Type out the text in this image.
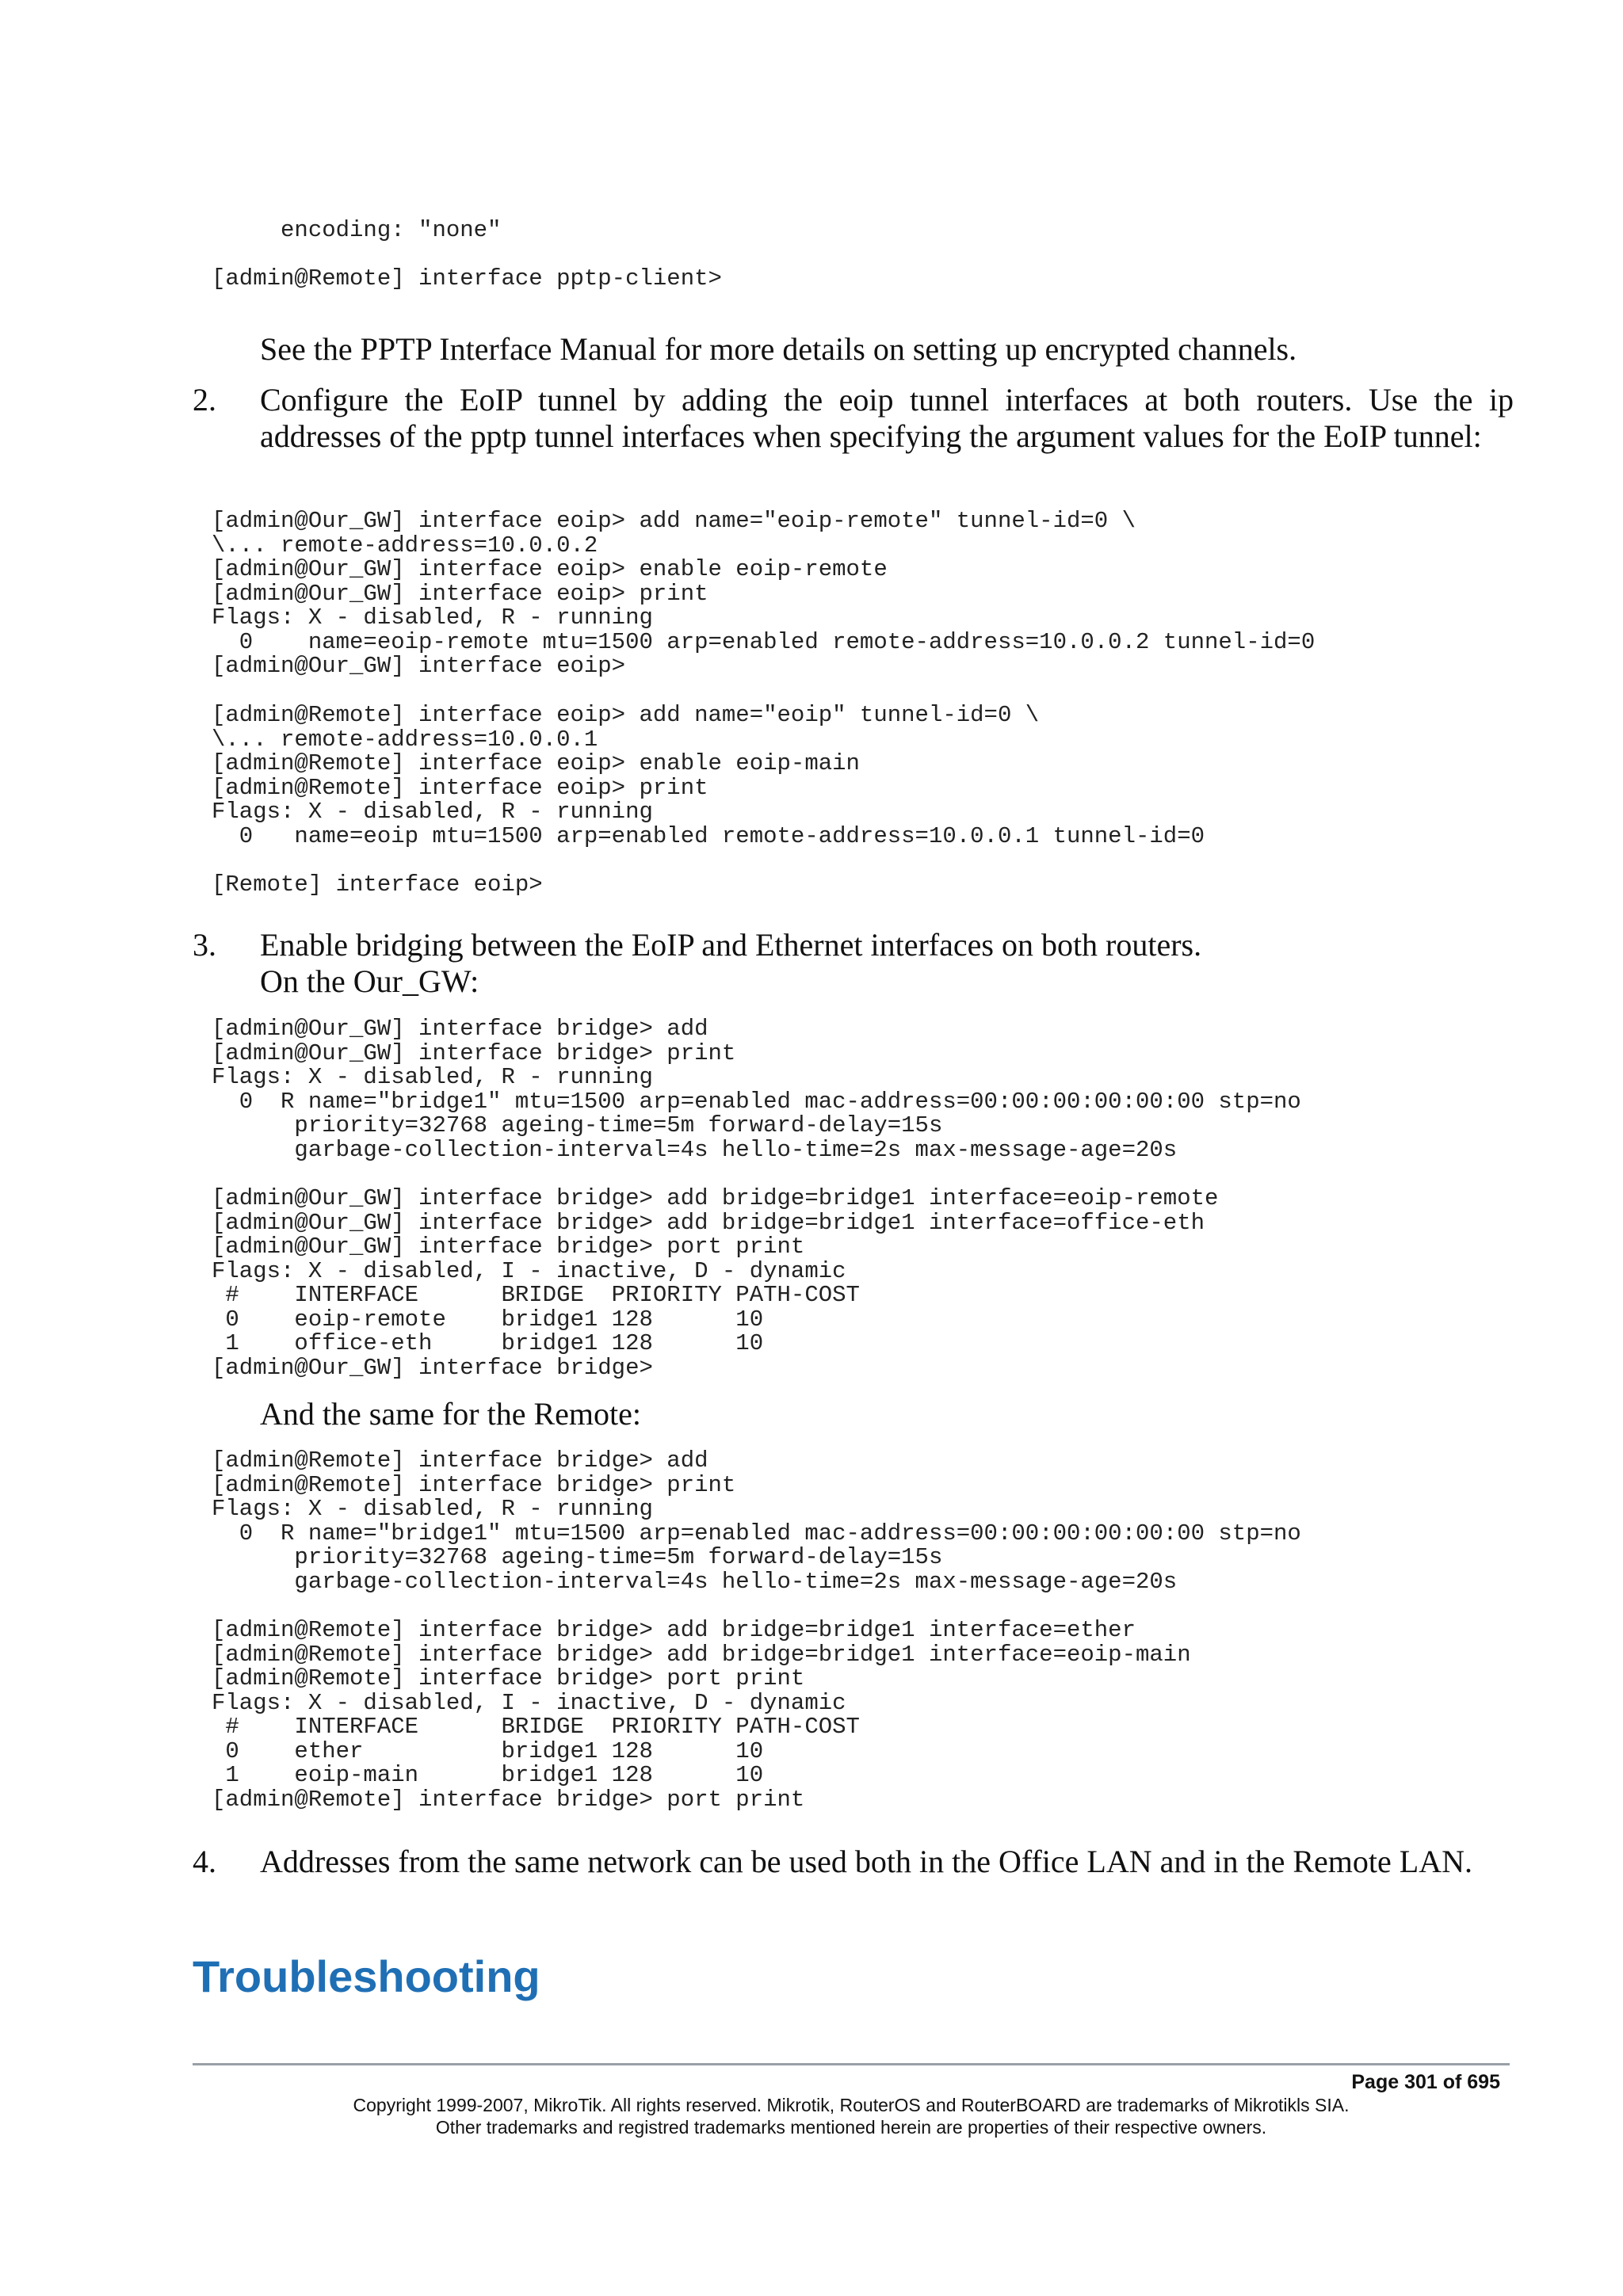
encoding: "none"
[admin@Remote] interface pptp-client>

See the PPTP Interface Manual for more details on setting up encrypted channels.

2. Configure the EoIP tunnel by adding the eoip tunnel interfaces at both routers. Use the ip addresses of the pptp tunnel interfaces when specifying the argument values for the EoIP tunnel:

[admin@Our_GW] interface eoip> add name="eoip-remote" tunnel-id=0 \
\... remote-address=10.0.0.2
[admin@Our_GW] interface eoip> enable eoip-remote
[admin@Our_GW] interface eoip> print
Flags: X - disabled, R - running
0    name=eoip-remote mtu=1500 arp=enabled remote-address=10.0.0.2 tunnel-id=0
[admin@Our_GW] interface eoip>
[admin@Remote] interface eoip> add name="eoip" tunnel-id=0 \
\... remote-address=10.0.0.1
[admin@Remote] interface eoip> enable eoip-main
[admin@Remote] interface eoip> print
Flags: X - disabled, R - running
0   name=eoip mtu=1500 arp=enabled remote-address=10.0.0.1 tunnel-id=0
[Remote] interface eoip>
3. Enable bridging between the EoIP and Ethernet interfaces on both routers.

On the Our_GW:

[admin@Our_GW] interface bridge> add
[admin@Our_GW] interface bridge> print
Flags: X - disabled, R - running
0  R name="bridge1" mtu=1500 arp=enabled mac-address=00:00:00:00:00:00 stp=no
priority=32768 ageing-time=5m forward-delay=15s
garbage-collection-interval=4s hello-time=2s max-message-age=20s
[admin@Our_GW] interface bridge> add bridge=bridge1 interface=eoip-remote
[admin@Our_GW] interface bridge> add bridge=bridge1 interface=office-eth
[admin@Our_GW] interface bridge> port print
Flags: X - disabled, I - inactive, D - dynamic
#    INTERFACE      BRIDGE  PRIORITY PATH-COST
0    eoip-remote    bridge1 128      10
1    office-eth     bridge1 128      10
[admin@Our_GW] interface bridge>

And the same for the Remote:

[admin@Remote] interface bridge> add
[admin@Remote] interface bridge> print
Flags: X - disabled, R - running
0  R name="bridge1" mtu=1500 arp=enabled mac-address=00:00:00:00:00:00 stp=no
priority=32768 ageing-time=5m forward-delay=15s
garbage-collection-interval=4s hello-time=2s max-message-age=20s
[admin@Remote] interface bridge> add bridge=bridge1 interface=ether
[admin@Remote] interface bridge> add bridge=bridge1 interface=eoip-main
[admin@Remote] interface bridge> port print
Flags: X - disabled, I - inactive, D - dynamic
#    INTERFACE      BRIDGE  PRIORITY PATH-COST
0    ether          bridge1 128      10
1    eoip-main      bridge1 128      10
[admin@Remote] interface bridge> port print
4. Addresses from the same network can be used both in the Office LAN and in the Remote LAN.

Troubleshooting
Page 301 of 695
Copyright 1999-2007, MikroTik. All rights reserved. Mikrotik, RouterOS and RouterBOARD are trademarks of Mikrotikls SIA.
Other trademarks and registred trademarks mentioned herein are properties of their respective owners.
